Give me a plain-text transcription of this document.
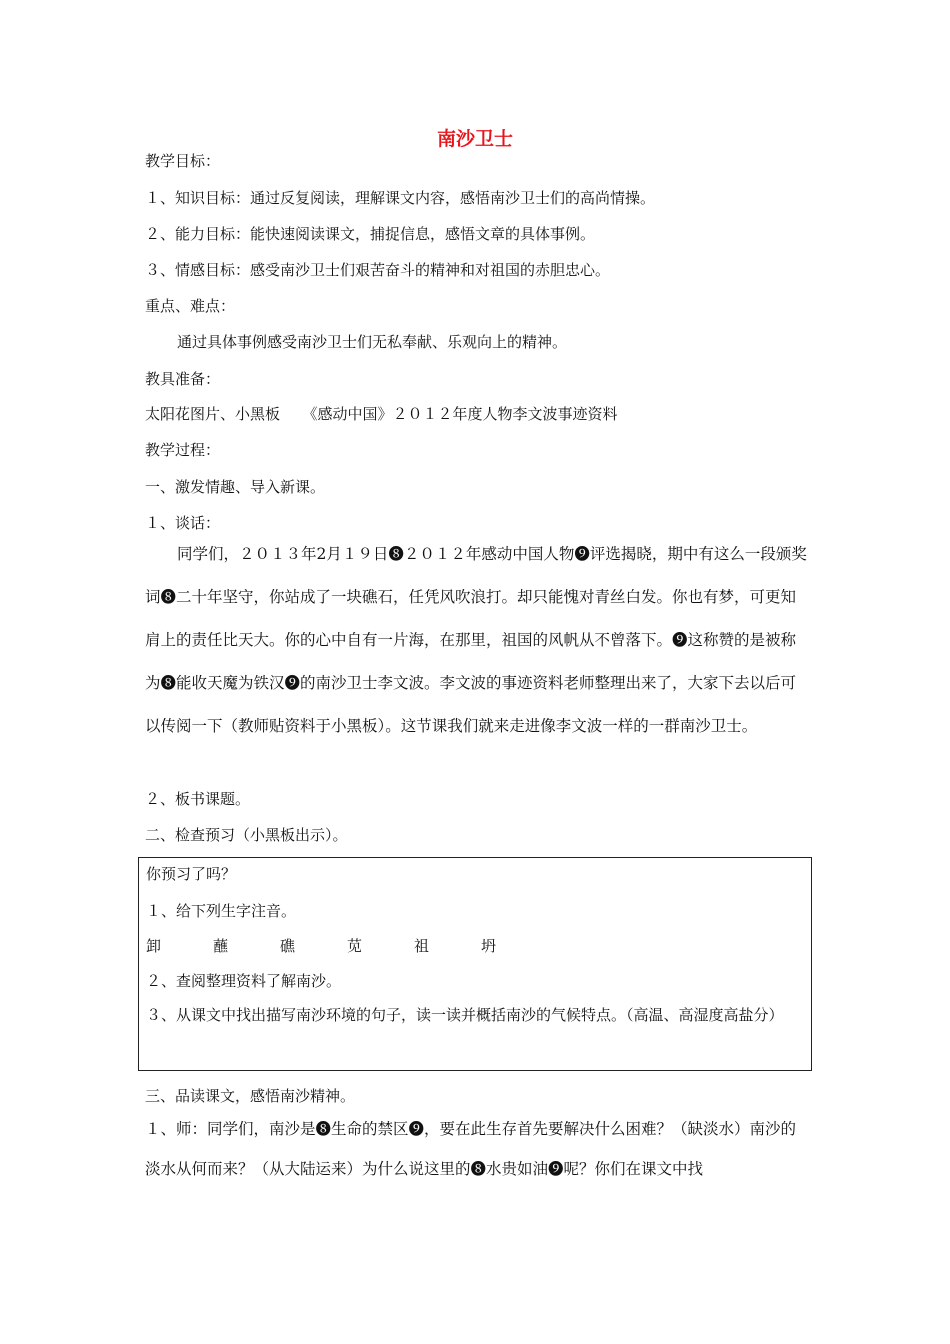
南沙卫士
教学目标：
１、知识目标：通过反复阅读，理解课文内容，感悟南沙卫士们的高尚情操。
２、能力目标：能快速阅读课文，捕捉信息，感悟文章的具体事例。
３、情感目标：感受南沙卫士们艰苦奋斗的精神和对祖国的赤胆忠心。
重点、难点：
通过具体事例感受南沙卫士们无私奉献、乐观向上的精神。
教具准备：
太阳花图片、小黑板　　《感动中国》２０１２年度人物李文波事迹资料
教学过程：
一、激发情趣、导入新课。
１、谈话：
同学们，２０１３年2月１９日❽２０１２年感动中国人物❾评选揭晓，期中有这么一段颁奖词❽二十年坚守，你站成了一块礁石，任凭风吹浪打。却只能愧对青丝白发。你也有梦，可更知肩上的责任比天大。你的心中自有一片海，在那里，祖国的风帆从不曾落下。❾这称赞的是被称为❽能收天魔为铁汉❾的南沙卫士李文波。李文波的事迹资料老师整理出来了，大家下去以后可以传阅一下（教师贴资料于小黑板）。这节课我们就来走进像李文波一样的一群南沙卫士。
２、板书课题。
二、检查预习（小黑板出示）。
你预习了吗？
１、给下列生字注音。

卸

	蘸

	礁

	苋

	祖

	坍

２、查阅整理资料了解南沙。
３、从课文中找出描写南沙环境的句子，读一读并概括南沙的气候特点。（高温、高湿度高盐分）
三、品读课文，感悟南沙精神。
１、师：同学们，南沙是❽生命的禁区❾，要在此生存首先要解决什么困难？（缺淡水）南沙的淡水从何而来？（从大陆运来）为什么说这里的❽水贵如油❾呢？你们在课文中找
